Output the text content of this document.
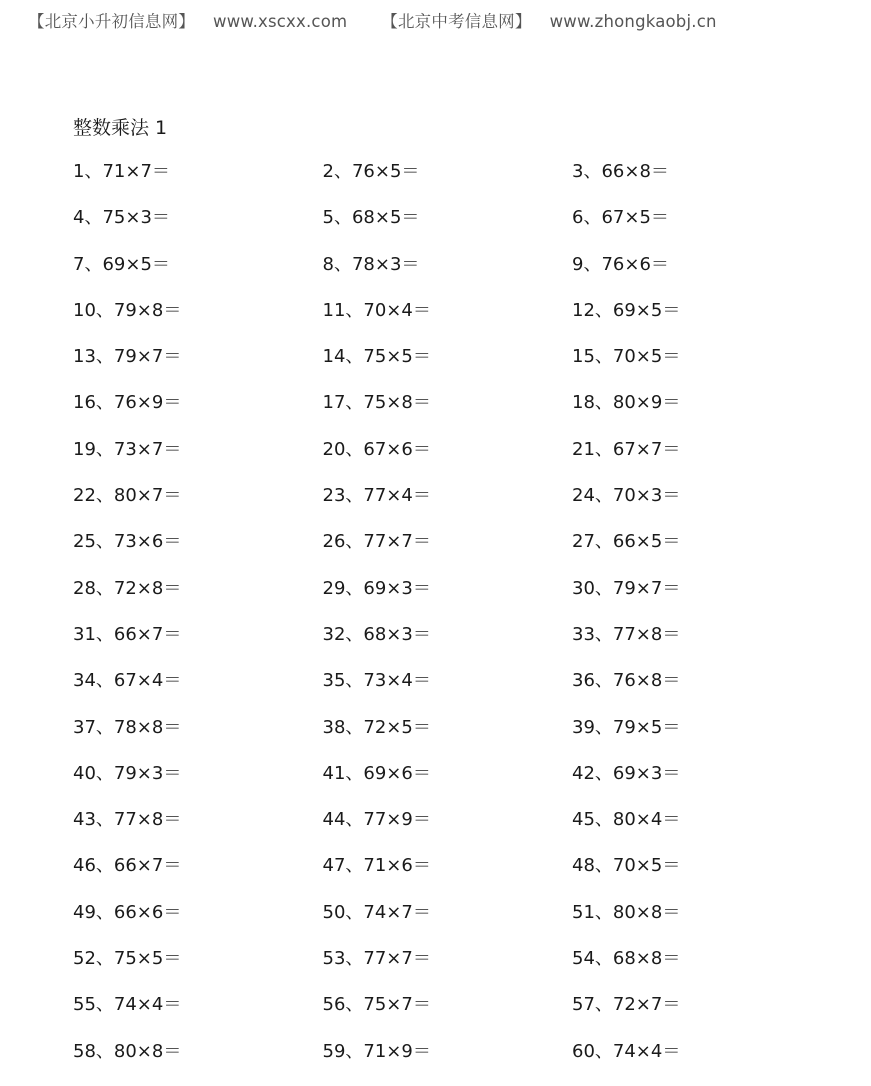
【北京小升初信息网】 www.xscxx.com 【北京中考信息网】 www.zhongkaobj.cn
整数乘法 1
1、71×7＝	2、76×5＝	3、66×8＝
4、75×3＝	5、68×5＝	6、67×5＝
7、69×5＝	8、78×3＝	9、76×6＝
10、79×8＝	11、70×4＝	12、69×5＝
13、79×7＝	14、75×5＝	15、70×5＝
16、76×9＝	17、75×8＝	18、80×9＝
19、73×7＝	20、67×6＝	21、67×7＝
22、80×7＝	23、77×4＝	24、70×3＝
25、73×6＝	26、77×7＝	27、66×5＝
28、72×8＝	29、69×3＝	30、79×7＝
31、66×7＝	32、68×3＝	33、77×8＝
34、67×4＝	35、73×4＝	36、76×8＝
37、78×8＝	38、72×5＝	39、79×5＝
40、79×3＝	41、69×6＝	42、69×3＝
43、77×8＝	44、77×9＝	45、80×4＝
46、66×7＝	47、71×6＝	48、70×5＝
49、66×6＝	50、74×7＝	51、80×8＝
52、75×5＝	53、77×7＝	54、68×8＝
55、74×4＝	56、75×7＝	57、72×7＝
58、80×8＝	59、71×9＝	60、74×4＝
